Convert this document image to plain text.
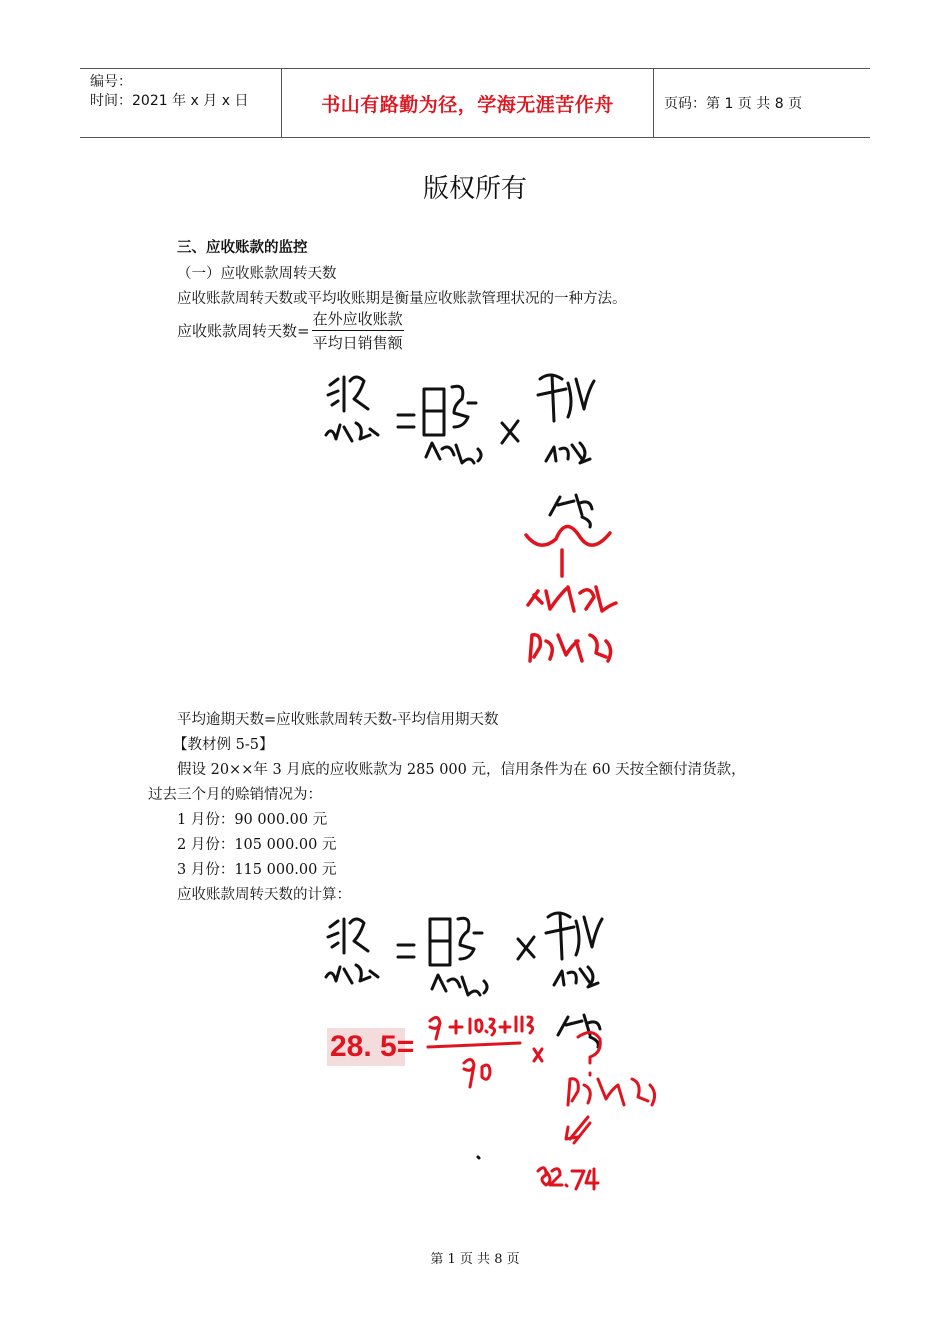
编号：
时间：2021 年 x 月 x 日	书山有路勤为径，学海无涯苦作舟	页码：第 1 页 共 8 页
版权所有
三、应收账款的监控
（一）应收账款周转天数
应收账款周转天数或平均收账期是衡量应收账款管理状况的一种方法。
应收账款周转天数= $\frac{\text{在外应收账款}}{\text{平均日销售额}}$
平均逾期天数=应收账款周转天数-平均信用期天数
【教材例 5-5】
假设 20××年 3 月底的应收账款为 285 000 元，信用条件为在 60 天按全额付清货款，
过去三个月的赊销情况为：
1 月份：90 000.00 元
2 月份：105 000.00 元
3 月份：115 000.00 元
应收账款周转天数的计算：
28. 5=
第 1 页 共 8 页
